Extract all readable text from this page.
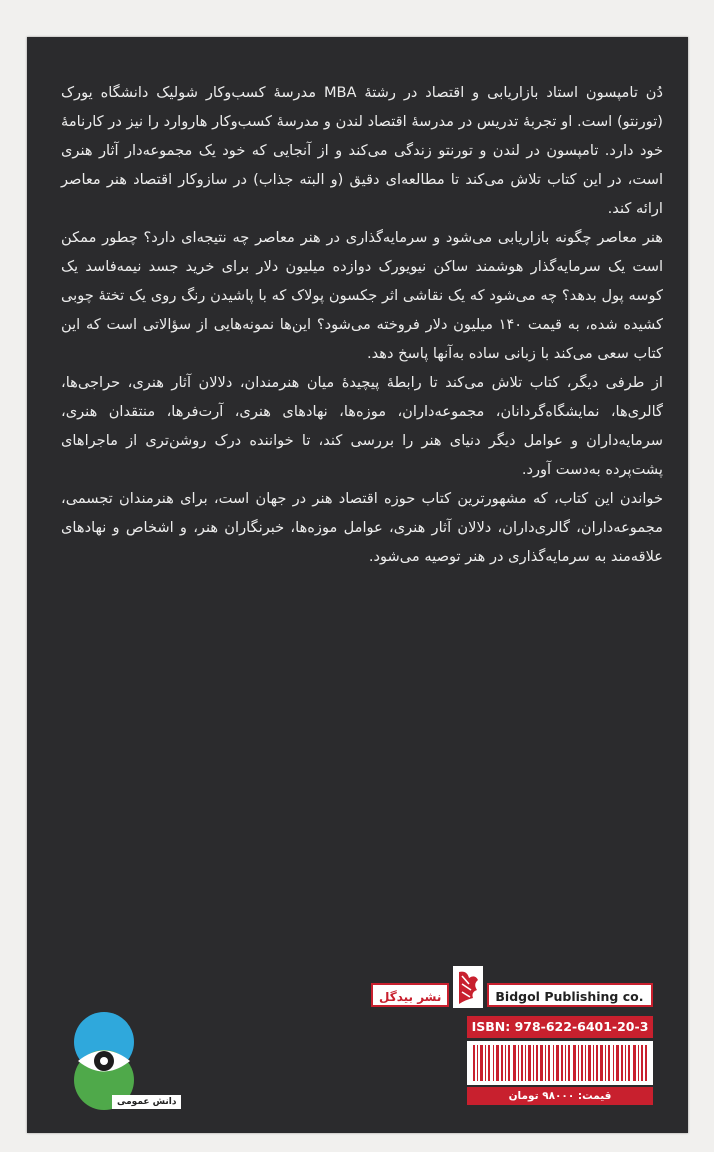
دُن تامپسون استاد بازاریابی و اقتصاد در رشتهٔ MBA مدرسهٔ کسب‌وکار شولیک دانشگاه یورک (تورنتو) است. او تجربهٔ تدریس در مدرسهٔ اقتصاد لندن و مدرسهٔ کسب‌وکار هاروارد را نیز در کارنامهٔ خود دارد. تامپسون در لندن و تورنتو زندگی می‌کند و از آنجایی که خود یک مجموعه‌دار آثار هنری است، در این کتاب تلاش می‌کند تا مطالعه‌ای دقیق (و البته جذاب) در سازوکار اقتصاد هنر معاصر ارائه کند.

هنر معاصر چگونه بازاریابی می‌شود و سرمایه‌گذاری در هنر معاصر چه نتیجه‌ای دارد؟ چطور ممکن است یک سرمایه‌گذار هوشمند ساکن نیویورک دوازده میلیون دلار برای خرید جسد نیمه‌فاسد یک کوسه پول بدهد؟ چه می‌شود که یک نقاشی اثر جکسون پولاک که با پاشیدن رنگ روی یک تختهٔ چوبی کشیده شده، به قیمت ۱۴۰ میلیون دلار فروخته می‌شود؟ این‌ها نمونه‌هایی از سؤالاتی است که این کتاب سعی می‌کند با زبانی ساده به‌آنها پاسخ دهد.

از طرفی دیگر، کتاب تلاش می‌کند تا رابطهٔ پیچیدهٔ میان هنرمندان، دلالان آثار هنری، حراجی‌ها، گالری‌ها، نمایشگاه‌گردانان، مجموعه‌داران، موزه‌ها، نهادهای هنری، آرت‌فرها، منتقدان هنری، سرمایه‌داران و عوامل دیگر دنیای هنر را بررسی کند، تا خواننده درک روشن‌تری از ماجراهای پشت‌پرده به‌دست آورد.

خواندن این کتاب، که مشهورترین کتاب حوزه اقتصاد هنر در جهان است، برای هنرمندان تجسمی، مجموعه‌داران، گالری‌داران، دلالان آثار هنری، عوامل موزه‌ها، خبرنگاران هنر، و اشخاص و نهادهای علاقه‌مند به سرمایه‌گذاری در هنر توصیه می‌شود.

دانش عمومی
نشر بیدگل	Bidgol Publishing co.
ISBN: 978-622-6401-20-3
قیمت: ۹۸۰۰۰ تومان
